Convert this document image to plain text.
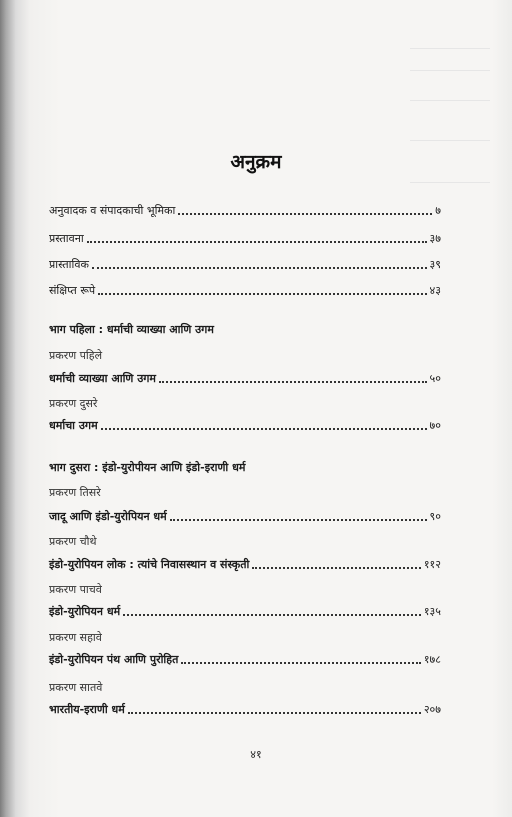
अनुक्रम
अनुवादक व संपादकाची भूमिका	७
प्रस्तावना	३७
प्रास्ताविक	३९
संक्षिप्त रूपे	४३
भाग पहिला : धर्माची व्याख्या आणि उगम
प्रकरण पहिले
धर्माची व्याख्या आणि उगम	५०
प्रकरण दुसरे
धर्माचा उगम	७०
भाग दुसरा : इंडो-युरोपीयन आणि इंडो-इराणी धर्म
प्रकरण तिसरे
जादू आणि इंडो-युरोपियन धर्म	९०
प्रकरण चौथे
इंडो-युरोपियन लोक : त्यांचे निवासस्थान व संस्कृती	११२
प्रकरण पाचवे
इंडो-युरोपियन धर्म	१३५
प्रकरण सहावे
इंडो-युरोपियन पंथ आणि पुरोहित	१७८
प्रकरण सातवे
भारतीय-इराणी धर्म	२०७
४१
